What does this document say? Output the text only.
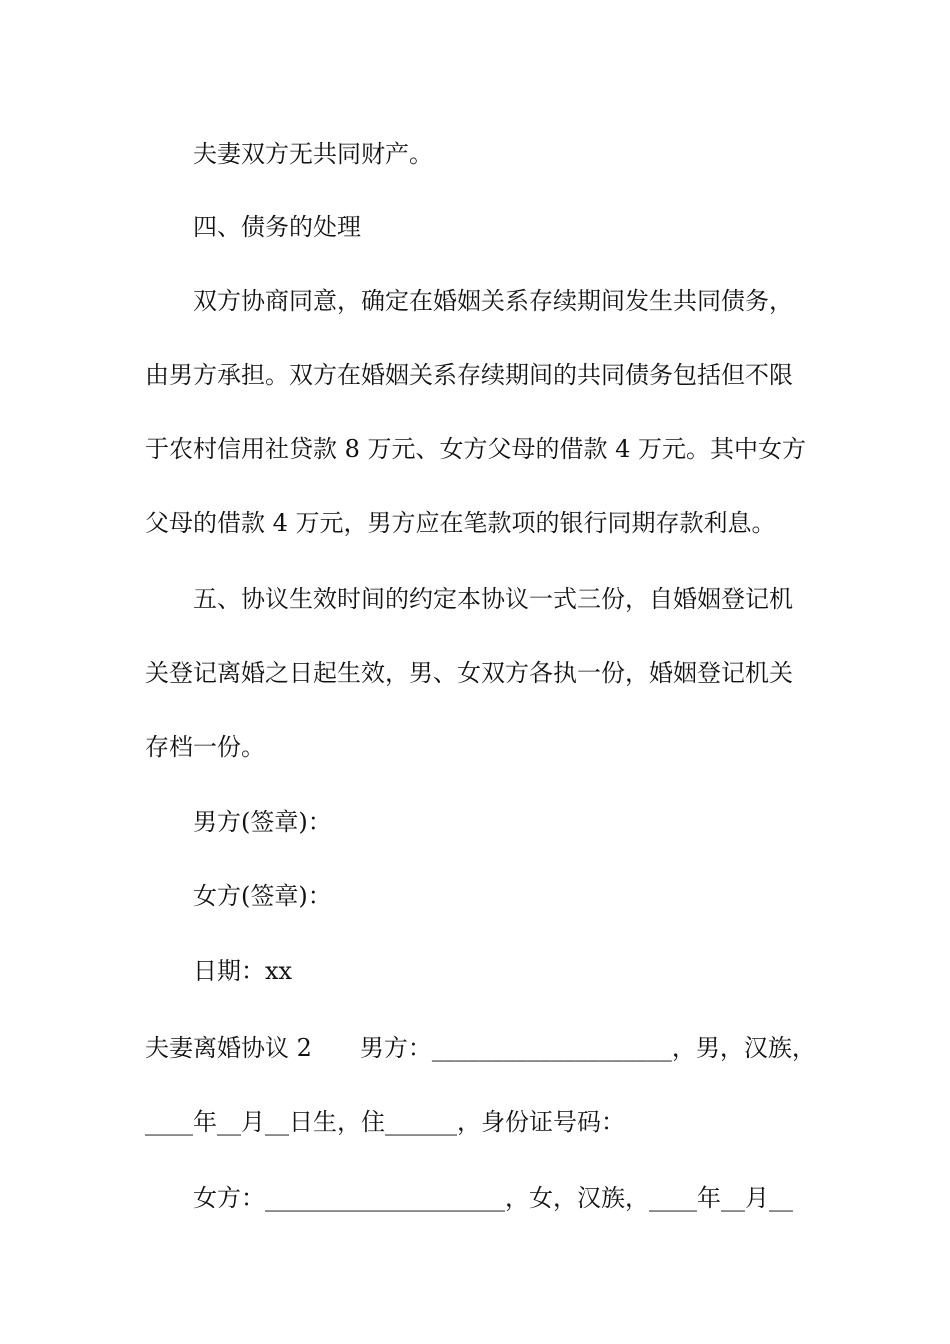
夫妻双方无共同财产。
四、债务的处理
双方协商同意，确定在婚姻关系存续期间发生共同债务，
由男方承担。双方在婚姻关系存续期间的共同债务包括但不限
于农村信用社贷款 8 万元、女方父母的借款 4 万元。其中女方
父母的借款 4 万元，男方应在笔款项的银行同期存款利息。
五、协议生效时间的约定本协议一式三份，自婚姻登记机
关登记离婚之日起生效，男、女双方各执一份，婚姻登记机关
存档一份。
男方(签章)：
女方(签章)：
日期：xx
夫妻离婚协议 2　　男方：____________________，男，汉族，
____年__月__日生，住______，身份证号码：
女方：____________________，女，汉族，____年__月__
